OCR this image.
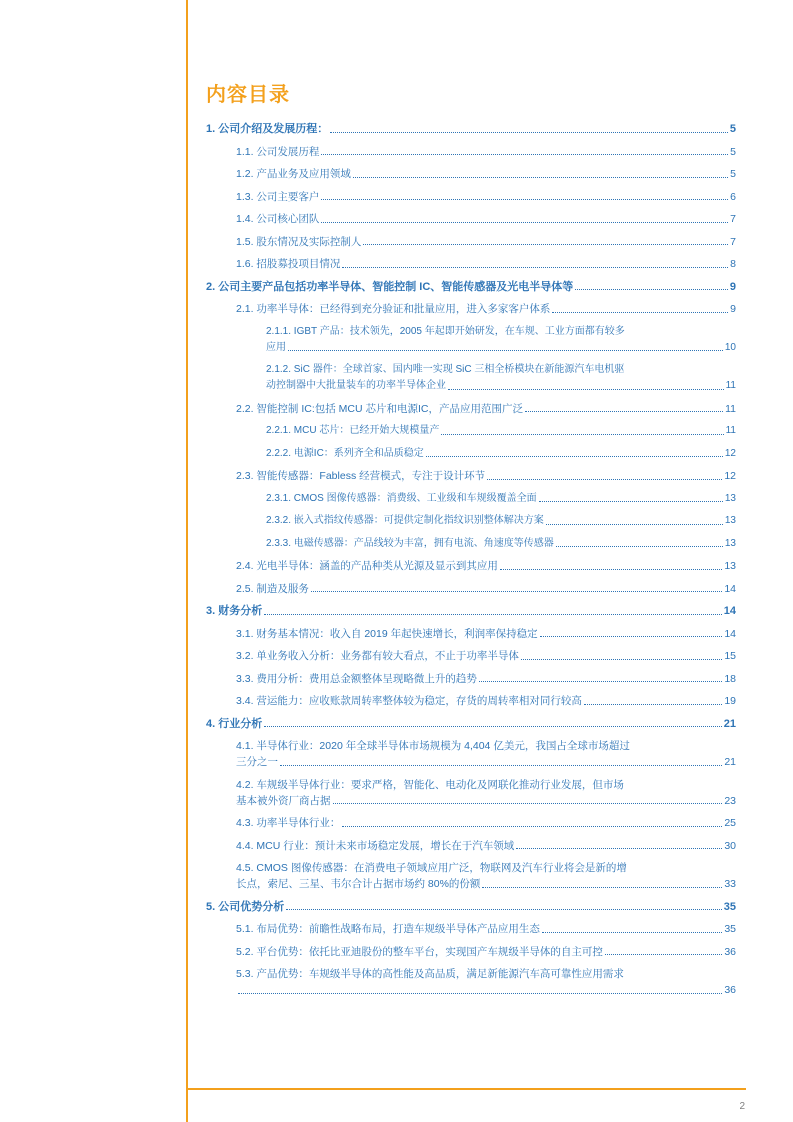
内容目录
1. 公司介绍及发展历程：	5
1.1. 公司发展历程	5
1.2. 产品业务及应用领域	5
1.3. 公司主要客户	6
1.4. 公司核心团队	7
1.5. 股东情况及实际控制人	7
1.6. 招股募投项目情况	8
2. 公司主要产品包括功率半导体、智能控制 IC、智能传感器及光电半导体等	9
2.1. 功率半导体：已经得到充分验证和批量应用，进入多家客户体系	9
2.1.1. IGBT 产品：技术领先，2005 年起即开始研发，在车规、工业方面都有较多
应用	10
2.1.2. SiC 器件：全球首家、国内唯一实现 SiC 三相全桥模块在新能源汽车电机驱
动控制器中大批量装车的功率半导体企业	11
2.2. 智能控制 IC:包括 MCU 芯片和电源IC，产品应用范围广泛	11
2.2.1. MCU 芯片：已经开始大规模量产	11
2.2.2. 电源IC：系列齐全和品质稳定	12
2.3. 智能传感器：Fabless 经营模式，专注于设计环节	12
2.3.1. CMOS 图像传感器：消费级、工业级和车规级覆盖全面	13
2.3.2. 嵌入式指纹传感器：可提供定制化指纹识别整体解决方案	13
2.3.3. 电磁传感器：产品线较为丰富，拥有电流、角速度等传感器	13
2.4. 光电半导体：涵盖的产品种类从光源及显示到其应用	13
2.5. 制造及服务	14
3. 财务分析	14
3.1. 财务基本情况：收入自 2019 年起快速增长，利润率保持稳定	14
3.2. 单业务收入分析：业务都有较大看点，不止于功率半导体	15
3.3. 费用分析：费用总金额整体呈现略微上升的趋势	18
3.4. 营运能力：应收账款周转率整体较为稳定，存货的周转率相对同行较高	19
4. 行业分析	21
4.1. 半导体行业：2020 年全球半导体市场规模为 4,404 亿美元，我国占全球市场超过
三分之一	21
4.2. 车规级半导体行业：要求严格，智能化、电动化及网联化推动行业发展，但市场
基本被外资厂商占据	23
4.3. 功率半导体行业：	25
4.4. MCU 行业：预计未来市场稳定发展，增长在于汽车领域	30
4.5. CMOS 图像传感器：在消费电子领域应用广泛，物联网及汽车行业将会是新的增
长点，索尼、三星、韦尔合计占据市场约 80%的份额	33
5. 公司优势分析	35
5.1. 布局优势：前瞻性战略布局，打造车规级半导体产品应用生态	35
5.2. 平台优势：依托比亚迪股份的整车平台，实现国产车规级半导体的自主可控	36
5.3. 产品优势：车规级半导体的高性能及高品质，满足新能源汽车高可靠性应用需求
36
2
